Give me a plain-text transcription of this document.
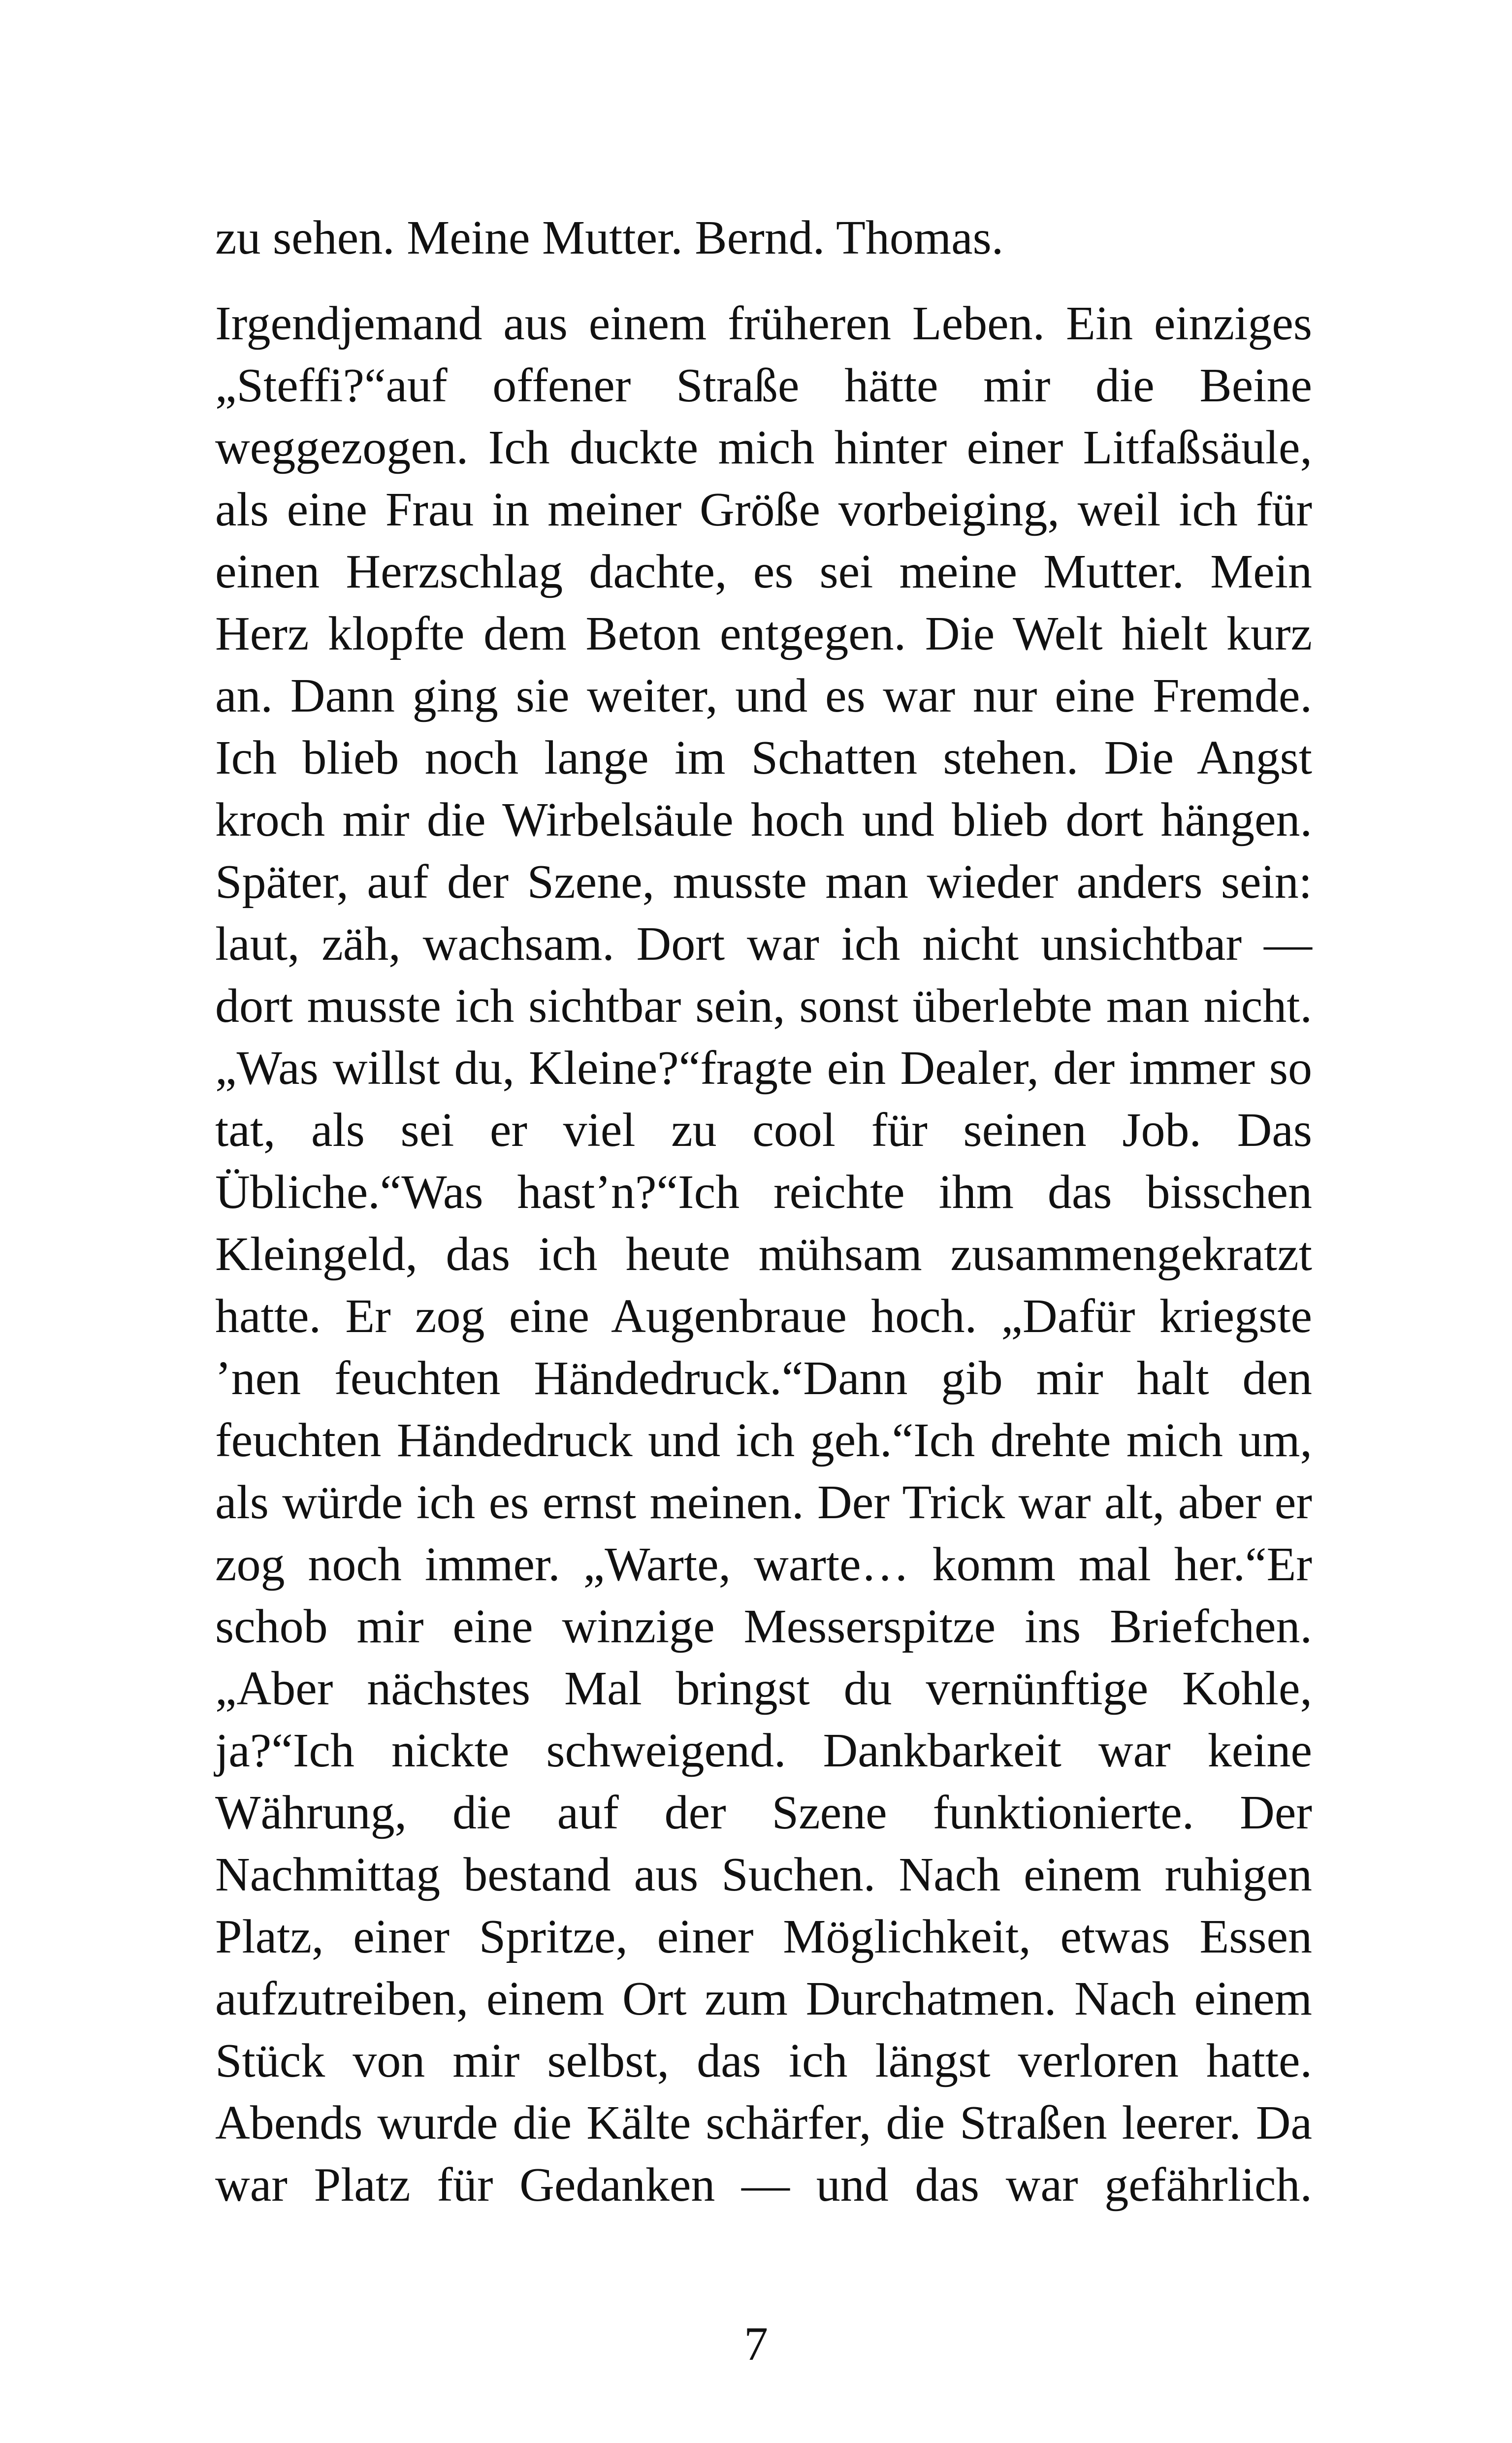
zu sehen. Meine Mutter. Bernd. Thomas.

Irgendjemand aus einem früheren Leben. Ein einziges
„Steffi?“auf offener Straße hätte mir die Beine
weggezogen. Ich duckte mich hinter einer Litfaßsäule,
als eine Frau in meiner Größe vorbeiging, weil ich für
einen Herzschlag dachte, es sei meine Mutter. Mein
Herz klopfte dem Beton entgegen. Die Welt hielt kurz
an. Dann ging sie weiter, und es war nur eine Fremde.
Ich blieb noch lange im Schatten stehen. Die Angst
kroch mir die Wirbelsäule hoch und blieb dort hängen.
Später, auf der Szene, musste man wieder anders sein:
laut, zäh, wachsam. Dort war ich nicht unsichtbar —
dort musste ich sichtbar sein, sonst überlebte man nicht.
„Was willst du, Kleine?“fragte ein Dealer, der immer so
tat, als sei er viel zu cool für seinen Job. Das
Übliche.“Was hast’n?“Ich reichte ihm das bisschen
Kleingeld, das ich heute mühsam zusammengekratzt
hatte. Er zog eine Augenbraue hoch. „Dafür kriegste
’nen feuchten Händedruck.“Dann gib mir halt den
feuchten Händedruck und ich geh.“Ich drehte mich um,
als würde ich es ernst meinen. Der Trick war alt, aber er
zog noch immer. „Warte, warte… komm mal her.“Er
schob mir eine winzige Messerspitze ins Briefchen.
„Aber nächstes Mal bringst du vernünftige Kohle,
ja?“Ich nickte schweigend. Dankbarkeit war keine
Währung, die auf der Szene funktionierte. Der
Nachmittag bestand aus Suchen. Nach einem ruhigen
Platz, einer Spritze, einer Möglichkeit, etwas Essen
aufzutreiben, einem Ort zum Durchatmen. Nach einem
Stück von mir selbst, das ich längst verloren hatte.
Abends wurde die Kälte schärfer, die Straßen leerer. Da
war Platz für Gedanken — und das war gefährlich.
7
